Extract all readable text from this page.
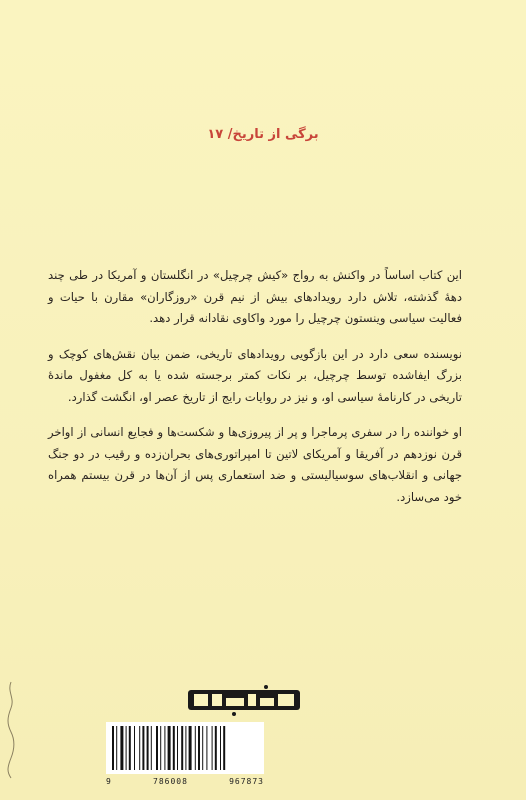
برگی از تاریخ/ ۱۷

این کتاب اساساً در واکنش به رواج «کیش چرچیل» در انگلستان و آمریکا در طی چند دههٔ گذشته، تلاش دارد رویدادهای بیش از نیم قرن «روزگاران» مقارن با حیات و فعالیت سیاسی وینستون چرچیل را مورد واکاوی نقادانه قرار دهد.

نویسنده سعی دارد در این بازگویی رویدادهای تاریخی، ضمن بیان نقش‌های کوچک و بزرگ ایفاشده توسط چرچیل، بر نکات کمتر برجسته شده یا به کل مغفول ماندهٔ تاریخی در کارنامهٔ سیاسی او، و نیز در روایات رایج از تاریخ عصر او، انگشت گذارد.

او خواننده را در سفری پرماجرا و پر از پیروزی‌ها و شکست‌ها و فجایع انسانی از اواخر قرن نوزدهم در آفریقا و آمریکای لاتین تا امپراتوری‌های بحران‌زده و رقیب در دو جنگ جهانی و انقلاب‌های سوسیالیستی و ضد استعماری پس از آن‌ها در قرن بیستم همراه خود می‌سازد.

9	786008	967873
